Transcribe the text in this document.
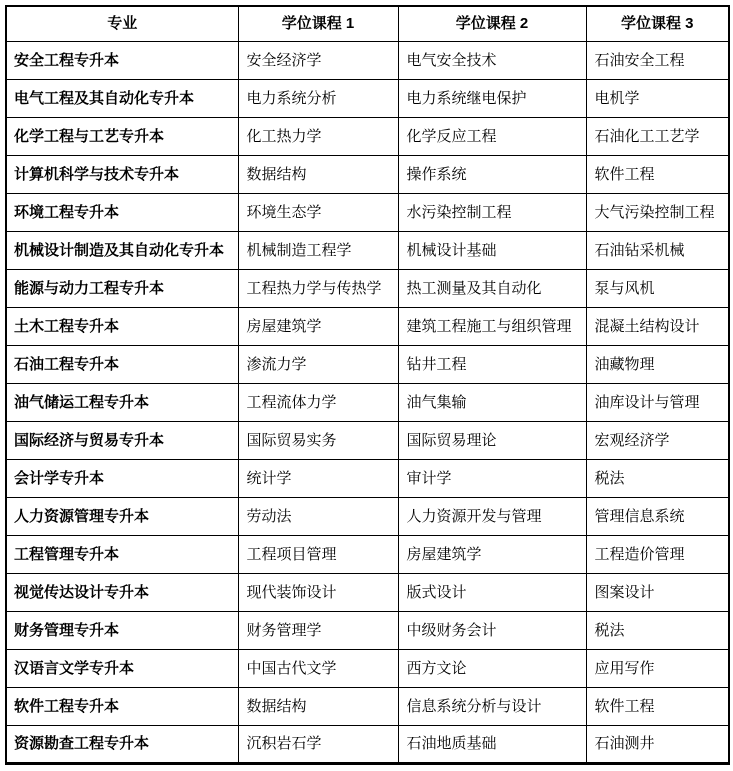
专业	学位课程 1	学位课程 2	学位课程 3
安全工程专升本	安全经济学	电气安全技术	石油安全工程
电气工程及其自动化专升本	电力系统分析	电力系统继电保护	电机学
化学工程与工艺专升本	化工热力学	化学反应工程	石油化工工艺学
计算机科学与技术专升本	数据结构	操作系统	软件工程
环境工程专升本	环境生态学	水污染控制工程	大气污染控制工程
机械设计制造及其自动化专升本	机械制造工程学	机械设计基础	石油钻采机械
能源与动力工程专升本	工程热力学与传热学	热工测量及其自动化	泵与风机
土木工程专升本	房屋建筑学	建筑工程施工与组织管理	混凝土结构设计
石油工程专升本	渗流力学	钻井工程	油藏物理
油气储运工程专升本	工程流体力学	油气集输	油库设计与管理
国际经济与贸易专升本	国际贸易实务	国际贸易理论	宏观经济学
会计学专升本	统计学	审计学	税法
人力资源管理专升本	劳动法	人力资源开发与管理	管理信息系统
工程管理专升本	工程项目管理	房屋建筑学	工程造价管理
视觉传达设计专升本	现代装饰设计	版式设计	图案设计
财务管理专升本	财务管理学	中级财务会计	税法
汉语言文学专升本	中国古代文学	西方文论	应用写作
软件工程专升本	数据结构	信息系统分析与设计	软件工程
资源勘查工程专升本	沉积岩石学	石油地质基础	石油测井
